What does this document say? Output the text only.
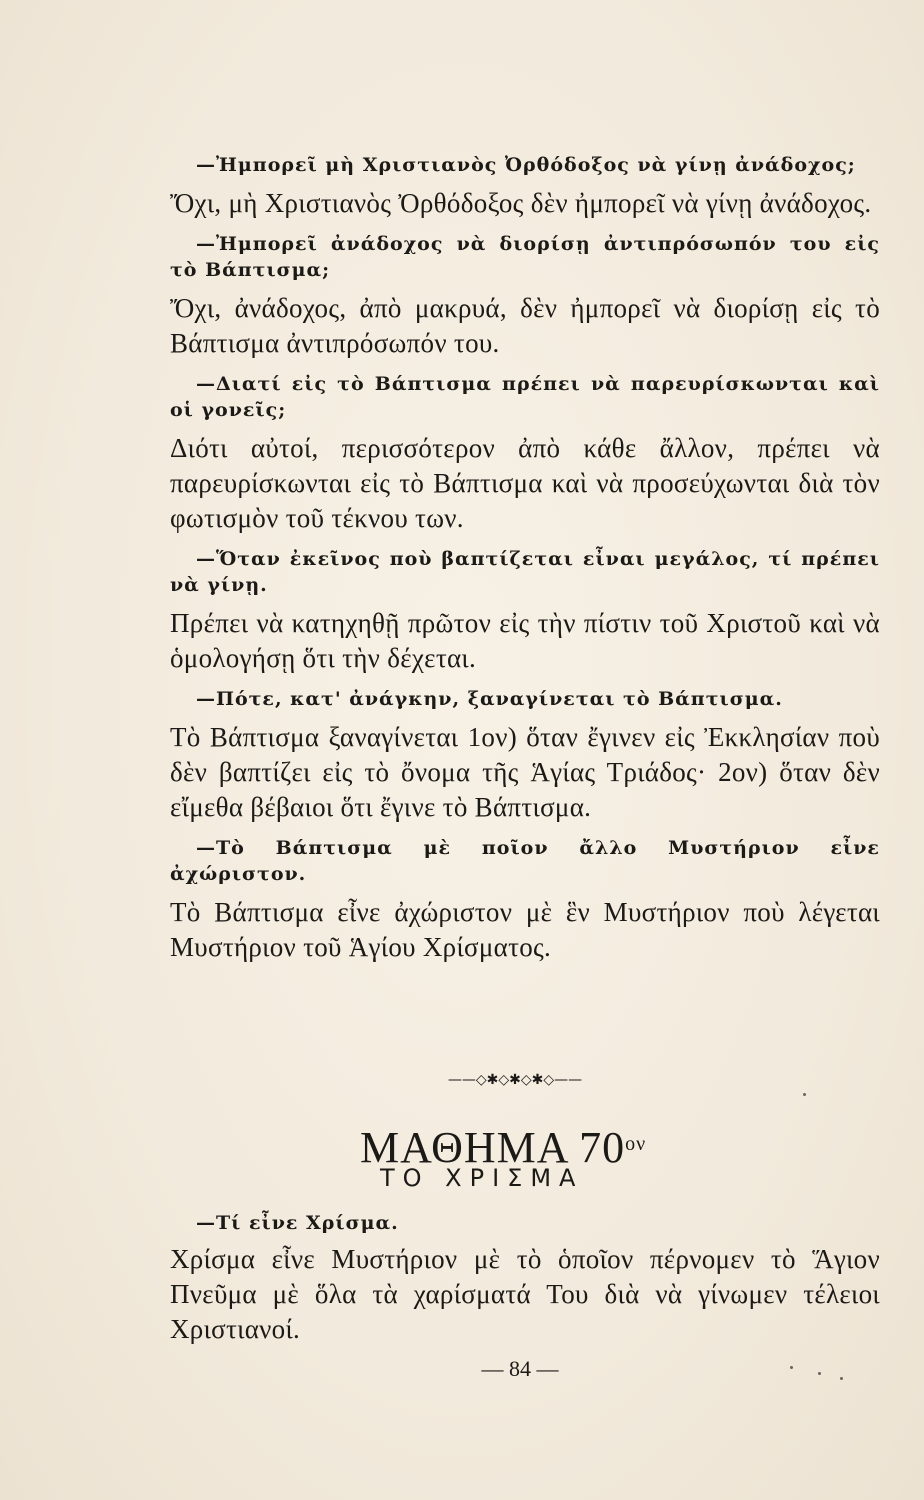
—Ἠμπορεῖ μὴ Χριστιανὸς Ὀρθόδοξος νὰ γίνῃ ἀνάδοχος;

Ὄχι, μὴ Χριστιανὸς Ὀρθόδοξος δὲν ἠμπορεῖ νὰ γίνῃ ἀνάδοχος.

—Ἠμπορεῖ ἀνάδοχος νὰ διορίσῃ ἀντιπρόσωπόν του εἰς τὸ Βάπτισμα;

Ὄχι, ἀνάδοχος, ἀπὸ μακρυά, δὲν ἠμπορεῖ νὰ διορίσῃ εἰς τὸ Βάπτισμα ἀντιπρόσωπόν του.

—Διατί εἰς τὸ Βάπτισμα πρέπει νὰ παρευρίσκωνται καὶ οἱ γονεῖς;

Διότι αὐτοί, περισσότερον ἀπὸ κάθε ἄλλον, πρέπει νὰ παρευρίσκωνται εἰς τὸ Βάπτισμα καὶ νὰ προσεύχωνται διὰ τὸν φωτισμὸν τοῦ τέκνου των.

—Ὅταν ἐκεῖνος ποὺ βαπτίζεται εἶναι μεγάλος, τί πρέπει νὰ γίνῃ.

Πρέπει νὰ κατηχηθῇ πρῶτον εἰς τὴν πίστιν τοῦ Χριστοῦ καὶ νὰ ὁμολογήσῃ ὅτι τὴν δέχεται.

—Πότε, κατ' ἀνάγκην, ξαναγίνεται τὸ Βάπτισμα.

Τὸ Βάπτισμα ξαναγίνεται 1ον) ὅταν ἔγινεν εἰς Ἐκκλησίαν ποὺ δὲν βαπτίζει εἰς τὸ ὄνομα τῆς Ἁγίας Τριάδος· 2ον) ὅταν δὲν εἴμεθα βέβαιοι ὅτι ἔγινε τὸ Βάπτισμα.

—Τὸ Βάπτισμα μὲ ποῖον ἄλλο Μυστήριον εἶνε ἀχώριστον.

Τὸ Βάπτισμα εἶνε ἀχώριστον μὲ ἓν Μυστήριον ποὺ λέγεται Μυστήριον τοῦ Ἁγίου Χρίσματος.

——◇✱◇✱◇✱◇——
ΜΑΘΗΜΑ $70^{o\nu}$
ΤΟ ΧΡΙΣΜΑ

—Τί εἶνε Χρίσμα.

Χρίσμα εἶνε Μυστήριον μὲ τὸ ὁποῖον πέρνομεν τὸ Ἅγιον Πνεῦμα μὲ ὅλα τὰ χαρίσματά Του διὰ νὰ γίνωμεν τέλειοι Χριστιανοί.

— 84 —
